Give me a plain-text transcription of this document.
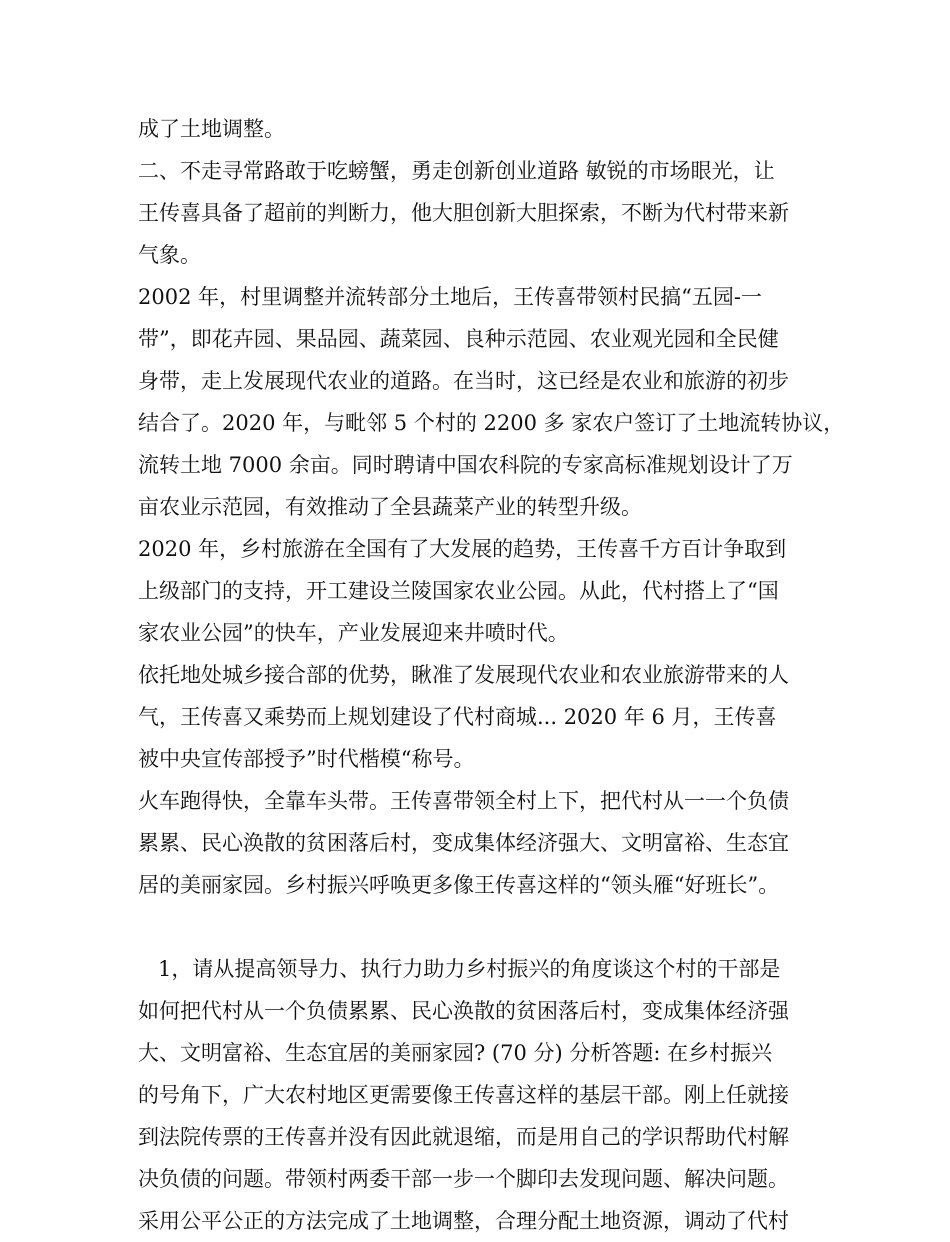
成了土地调整。
二、不走寻常路敢于吃螃蟹，勇走创新创业道路 敏锐的市场眼光，让
王传喜具备了超前的判断力，他大胆创新大胆探索，不断为代村带来新
气象。
2002 年，村里调整并流转部分土地后，王传喜带领村民搞“五园-一
带”，即花卉园、果品园、蔬菜园、良种示范园、农业观光园和全民健
身带，走上发展现代农业的道路。在当时，这已经是农业和旅游的初步
结合了。2020 年，与毗邻 5 个村的 2200 多 家农户签订了土地流转协议，
流转土地 7000 余亩。同时聘请中国农科院的专家高标准规划设计了万
亩农业示范园，有效推动了全县蔬菜产业的转型升级。
2020 年，乡村旅游在全国有了大发展的趋势，王传喜千方百计争取到
上级部门的支持，开工建设兰陵国家农业公园。从此，代村搭上了“国
家农业公园”的快车，产业发展迎来井喷时代。
依托地处城乡接合部的优势，瞅准了发展现代农业和农业旅游带来的人
气，王传喜又乘势而上规划建设了代村商城... 2020 年 6 月，王传喜
被中央宣传部授予”时代楷模“称号。
火车跑得快，全靠车头带。王传喜带领全村上下，把代村从一一个负债
累累、民心涣散的贫困落后村，变成集体经济强大、文明富裕、生态宜
居的美丽家园。乡村振兴呼唤更多像王传喜这样的“领头雁“好班长”。
1，请从提高领导力、执行力助力乡村振兴的角度谈这个村的干部是
如何把代村从一个负债累累、民心涣散的贫困落后村，变成集体经济强
大、文明富裕、生态宜居的美丽家园? (70 分) 分析答题: 在乡村振兴
的号角下，广大农村地区更需要像王传喜这样的基层干部。刚上任就接
到法院传票的王传喜并没有因此就退缩，而是用自己的学识帮助代村解
决负债的问题。带领村两委干部一步一个脚印去发现问题、解决问题。
采用公平公正的方法完成了土地调整，合理分配土地资源，调动了代村
